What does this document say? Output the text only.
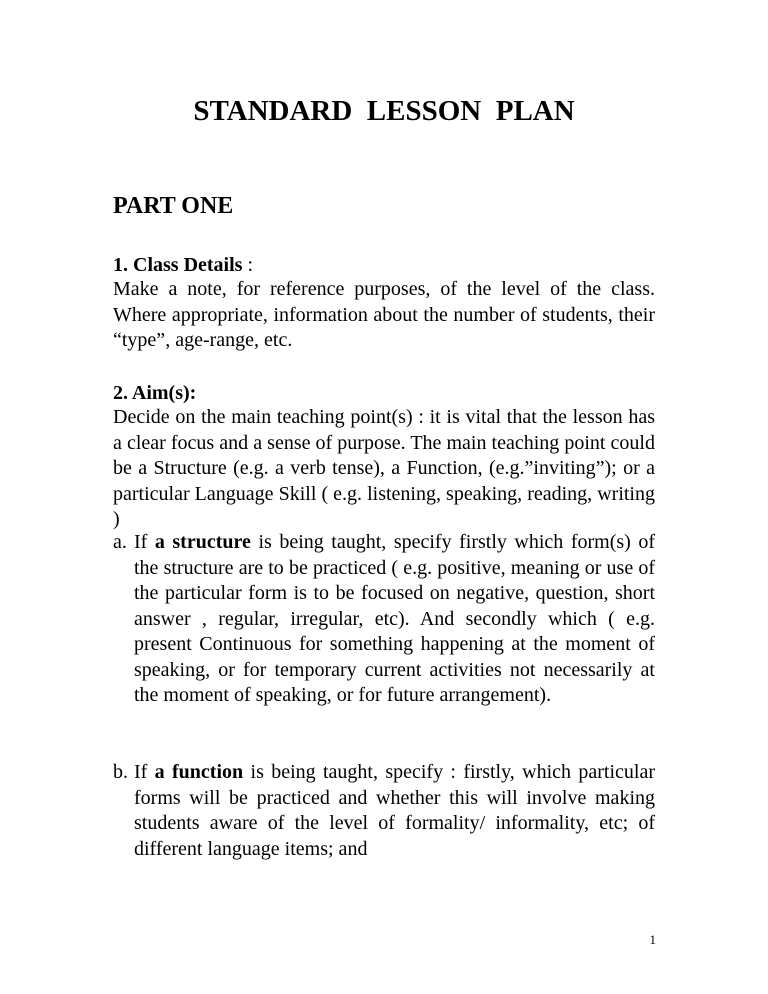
STANDARD  LESSON  PLAN
PART ONE
1. Class Details :
Make a note, for reference purposes, of the level of the class. Where appropriate, information about the number of students, their “type”, age-range, etc.
2. Aim(s):
Decide on the main teaching point(s) : it is vital that the lesson has a clear focus and a sense of purpose. The main teaching point could be a Structure (e.g. a verb tense), a Function, (e.g.”inviting”); or a particular Language Skill ( e.g. listening, speaking, reading, writing )
a. If a structure is being taught, specify firstly which form(s) of the structure are to be practiced ( e.g. positive, meaning or use of the particular form is to be focused on negative, question, short answer , regular, irregular, etc). And secondly which ( e.g. present Continuous for something happening at the moment of speaking, or for temporary current activities not necessarily at the moment of speaking, or for future arrangement).
b. If a function is being taught, specify : firstly, which particular forms will be practiced and whether this will involve making students aware of the level of formality/ informality, etc; of different language items; and
1
